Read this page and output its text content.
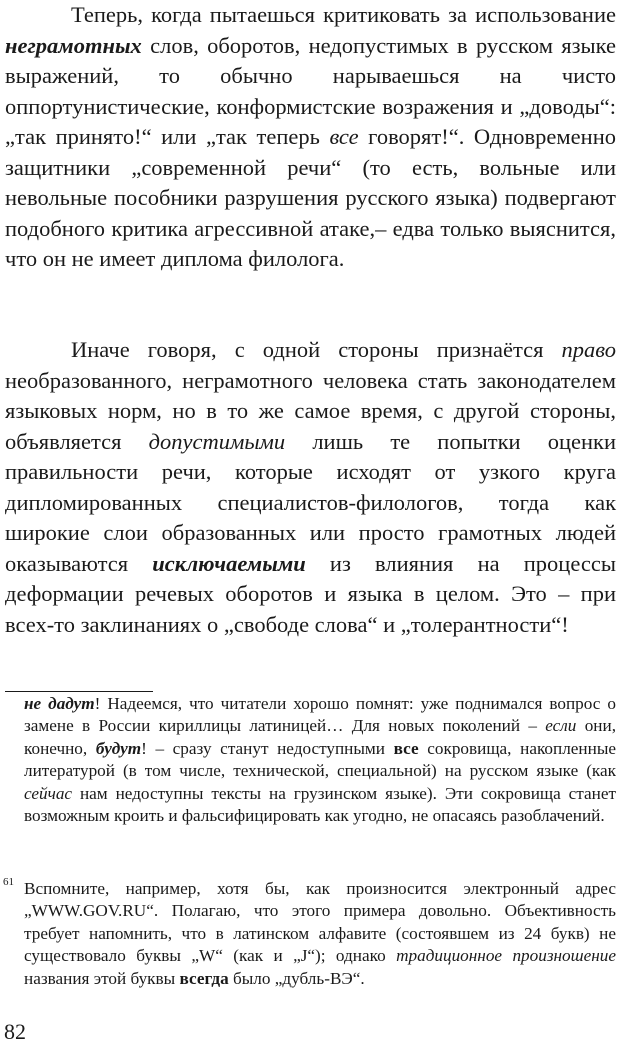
Теперь, когда пытаешься критиковать за использование неграмотных слов, оборотов, недопустимых в русском языке выражений, то обычно нарываешься на чисто оппортунистические, конформистские возражения и „доводы“: „так принято!“ или „так теперь все говорят!“. Одновременно защитники „современной речи“ (то есть, вольные или невольные пособники разрушения русского языка) подвергают подобного критика агрессивной атаке,– едва только выяснится, что он не имеет диплома филолога.

Иначе говоря, с одной стороны признаётся право необразованного, неграмотного человека стать законодателем языковых норм, но в то же самое время, с другой стороны, объявляется допустимыми лишь те попытки оценки правильности речи, которые исходят от узкого круга дипломированных специалистов-филологов, тогда как широкие слои образованных или просто грамотных людей оказываются исключаемыми из влияния на процессы деформации речевых оборотов и языка в целом. Это – при всех-то заклинаниях о „свободе слова“ и „толерантности“!

не дадут! Надеемся, что читатели хорошо помнят: уже поднимался вопрос о замене в России кириллицы латиницей… Для новых поколений – если они, конечно, будут! – сразу станут недоступными все сокровища, накопленные литературой (в том числе, технической, специальной) на русском языке (как сейчас нам недоступны тексты на грузинском языке). Эти сокровища станет возможным кроить и фальсифицировать как угодно, не опасаясь разоблачений.

61 Вспомните, например, хотя бы, как произносится электронный адрес „WWW.GOV.RU“. Полагаю, что этого примера довольно. Объективность требует напомнить, что в латинском алфавите (состоявшем из 24 букв) не существовало буквы „W“ (как и „J“); однако традиционное произношение названия этой буквы всегда было „дубль-ВЭ“.

82
